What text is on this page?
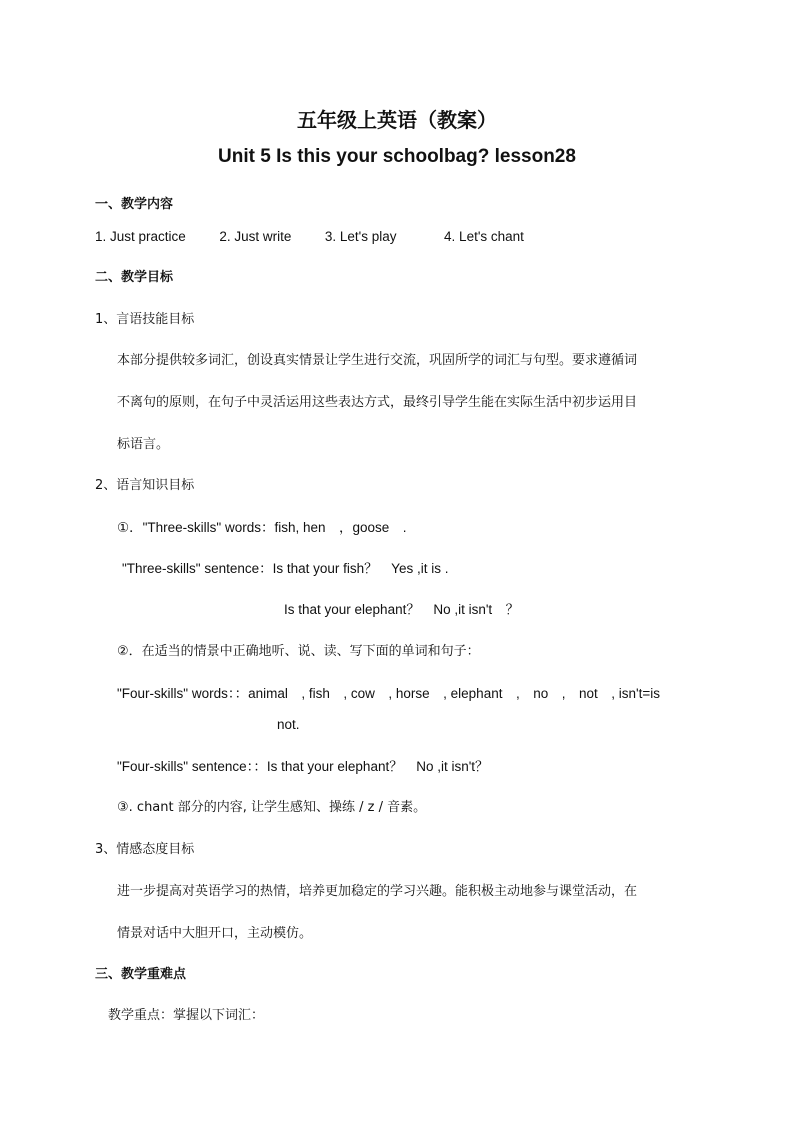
五年级上英语（教案）
Unit 5 Is this your schoolbag? lesson28
一、教学内容
1. Just practice 2. Just write 3. Let's play	4. Let's chant
二、教学目标
1、言语技能目标
本部分提供较多词汇，创设真实情景让学生进行交流，巩固所学的词汇与句型。要求遵循词
不离句的原则，在句子中灵活运用这些表达方式，最终引导学生能在实际生活中初步运用目
标语言。
2、语言知识目标
①．"Three-skills" words：fish, hen　，goose　.
"Three-skills" sentence：Is that your fish？　Yes ,it is .
Is that your elephant？　No ,it isn't　？
②．在适当的情景中正确地听、说、读、写下面的单词和句子：
"Four-skills" words：：animal　, fish　, cow　, horse　, elephant　,　no　,　not　, isn't=is
not.
"Four-skills" sentence：：Is that your elephant？　No ,it isn't？
③. chant 部分的内容, 让学生感知、操练 / z / 音素。
3、情感态度目标
进一步提高对英语学习的热情，培养更加稳定的学习兴趣。能积极主动地参与课堂活动，在
情景对话中大胆开口，主动模仿。
三、教学重难点
教学重点：掌握以下词汇：
